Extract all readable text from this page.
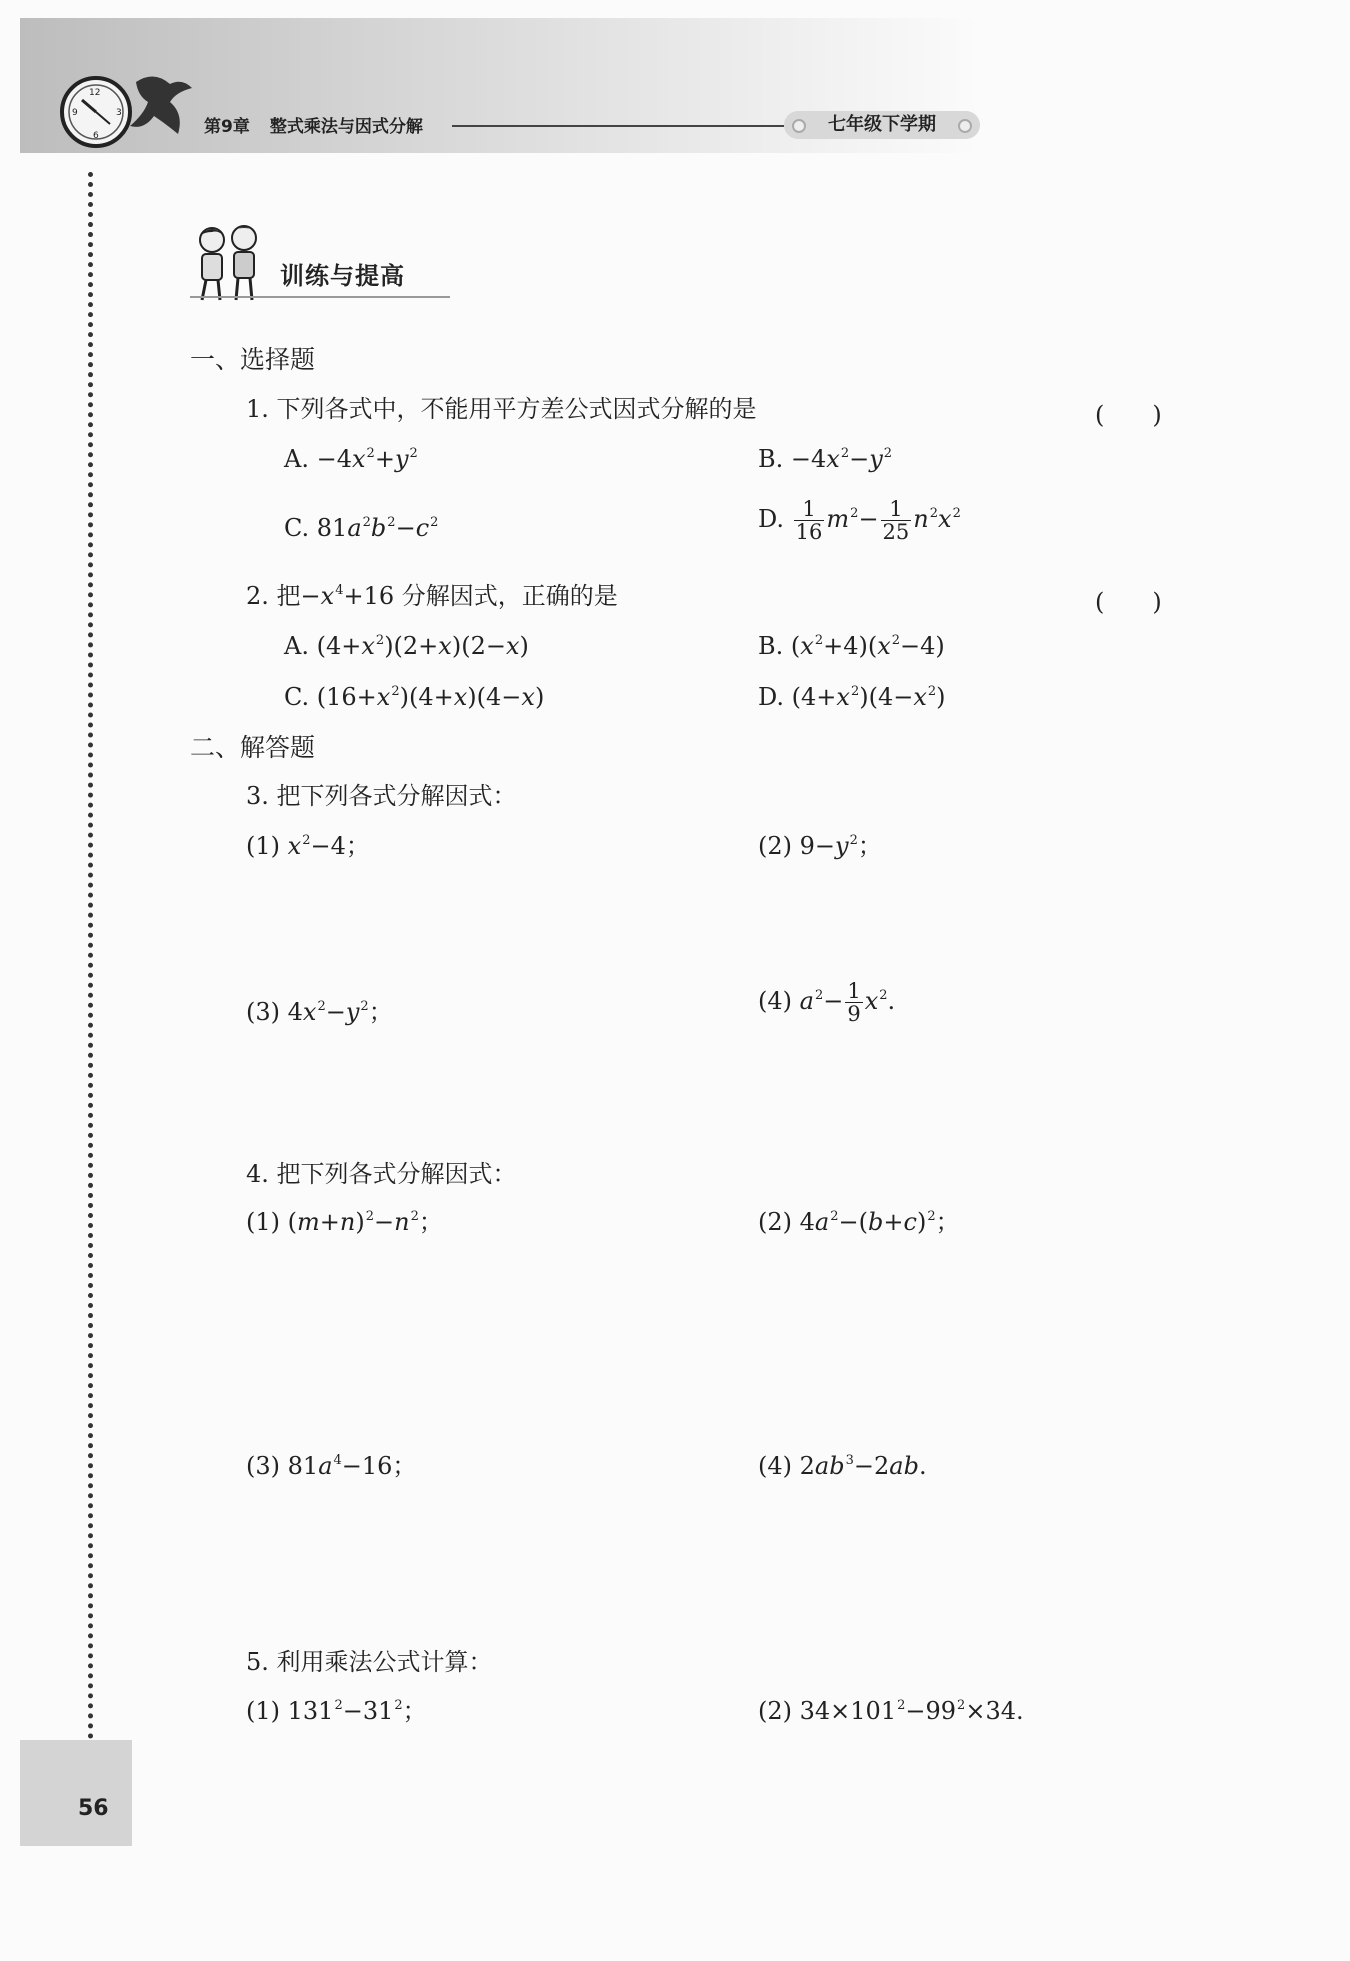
12
3
6
9
第9章 整式乘法与因式分解	七年级下学期
56
训练与提高
一、选择题
1. 下列各式中，不能用平方差公式因式分解的是	(　　)
A. $-4x^2+y^2$	B. $-4x^2-y^2$
C. $81a^2b^2-c^2$	D. $\frac{1}{16} m^2- \frac{1}{25} n^2x^2$
2. 把$-x^4+16$ 分解因式，正确的是	(　　)
A. $(4+x^2)(2+x)(2-x)$	B. $(x^2+4)(x^2-4)$
C. $(16+x^2)(4+x)(4-x)$	D. $(4+x^2)(4-x^2)$
二、解答题
3. 把下列各式分解因式：
(1) $x^2-4$；	(2) $9-y^2$；
(3) $4x^2-y^2$；	(4) $a^2- \frac{1}{9} x^2$.
4. 把下列各式分解因式：
(1) $(m+n)^2-n^2$；	(2) $4a^2-(b+c)^2$；
(3) $81a^4-16$；	(4) $2ab^3-2ab$.
5. 利用乘法公式计算：
(1) $131^2-31^2$；	(2) $34\times 101^2-99^2\times 34$.
